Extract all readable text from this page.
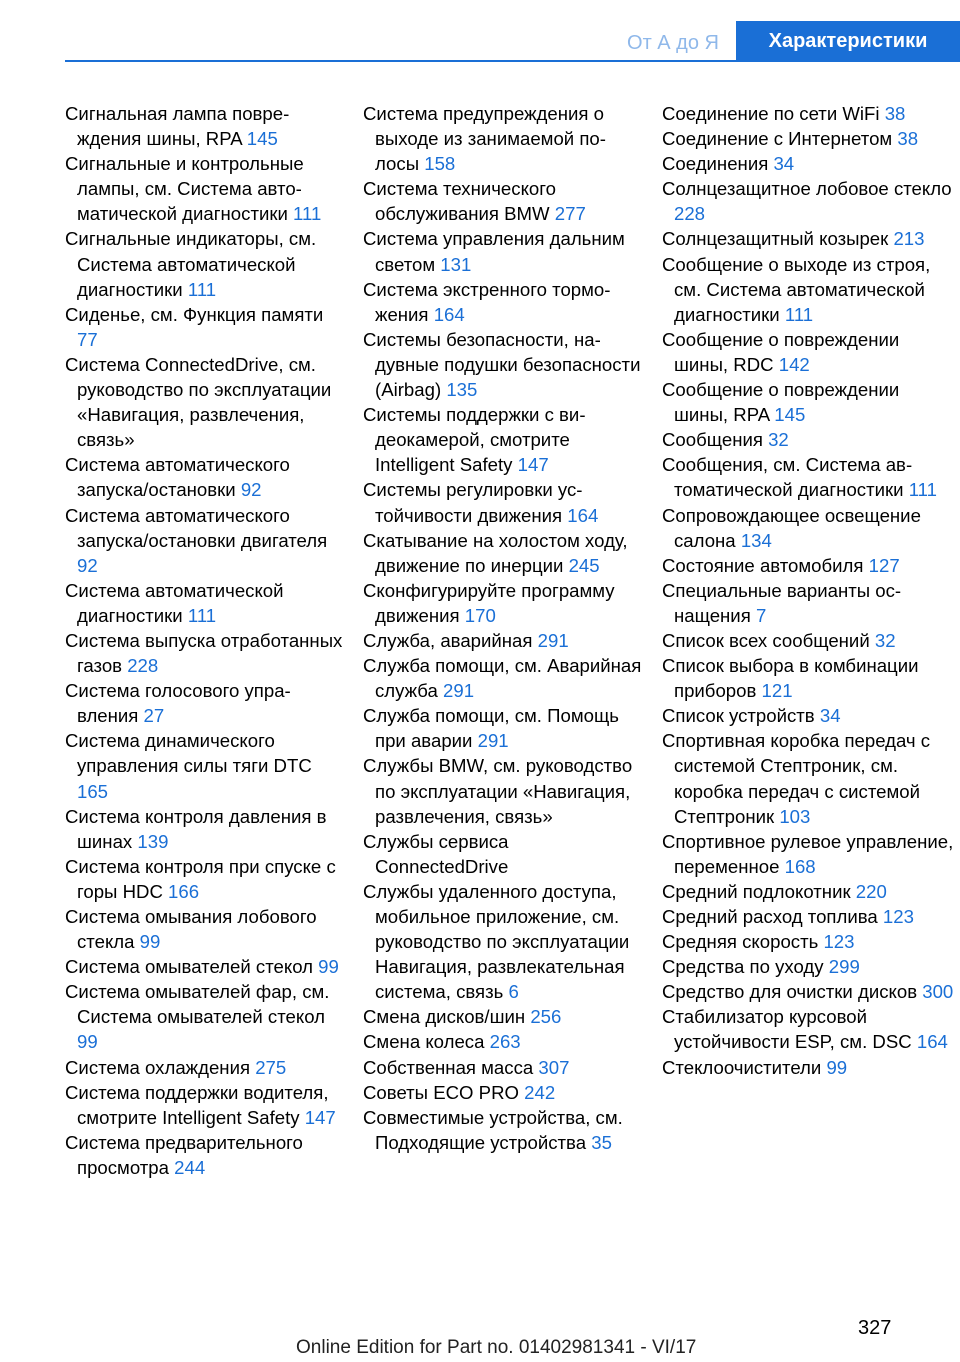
От А до Я	Характеристики
Сигнальная лампа повреждения шины, RPA 145
Сигнальные и контрольные лампы, см. Система автоматической диагностики 111
Сигнальные индикаторы, см. Система автоматической диагностики 111
Сиденье, см. Функция памяти 77
Система ConnectedDrive, см. руководство по эксплуатации «Навигация, развлечения, связь»
Система автоматического запуска/остановки 92
Система автоматического запуска/остановки двигателя 92
Система автоматической диагностики 111
Система выпуска отработанных газов 228
Система голосового управления 27
Система динамического управления силы тяги DTC 165
Система контроля давления в шинах 139
Система контроля при спуске с горы HDC 166
Система омывания лобового стекла 99
Система омывателей стекол 99
Система омывателей фар, см. Система омывателей стекол 99
Система охлаждения 275
Система поддержки водителя, смотрите Intelligent Safety 147
Система предварительного просмотра 244
Система предупреждения о выходе из занимаемой полосы 158
Система технического обслуживания BMW 277
Система управления дальним светом 131
Система экстренного торможения 164
Системы безопасности, надувные подушки безопасности (Airbag) 135
Системы поддержки с видеокамерой, смотрите Intelligent Safety 147
Системы регулировки устойчивости движения 164
Скатывание на холостом ходу, движение по инерции 245
Сконфигурируйте программу движения 170
Служба, аварийная 291
Служба помощи, см. Аварийная служба 291
Служба помощи, см. Помощь при аварии 291
Службы BMW, см. руководство по эксплуатации «Навигация, развлечения, связь»
Службы сервиса ConnectedDrive
Службы удаленного доступа, мобильное приложение, см. руководство по эксплуатации Навигация, развлекательная система, связь 6
Смена дисков/шин 256
Смена колеса 263
Собственная масса 307
Советы ECO PRO 242
Совместимые устройства, см. Подходящие устройства 35
Соединение по сети WiFi 38
Соединение с Интернетом 38
Соединения 34
Солнцезащитное лобовое стекло 228
Солнцезащитный козырек 213
Сообщение о выходе из строя, см. Система автоматической диагностики 111
Сообщение о повреждении шины, RDC 142
Сообщение о повреждении шины, RPA 145
Сообщения 32
Сообщения, см. Система автоматической диагностики 111
Сопровождающее освещение салона 134
Состояние автомобиля 127
Специальные варианты оснащения 7
Список всех сообщений 32
Список выбора в комбинации приборов 121
Список устройств 34
Спортивная коробка передач с системой Стептроник, см. коробка передач с системой Стептроник 103
Спортивное рулевое управление, переменное 168
Средний подлокотник 220
Средний расход топлива 123
Средняя скорость 123
Средства по уходу 299
Средство для очистки дисков 300
Стабилизатор курсовой устойчивости ESP, см. DSC 164
Стеклоочистители 99
327
Online Edition for Part no. 01402981341 - VI/17
